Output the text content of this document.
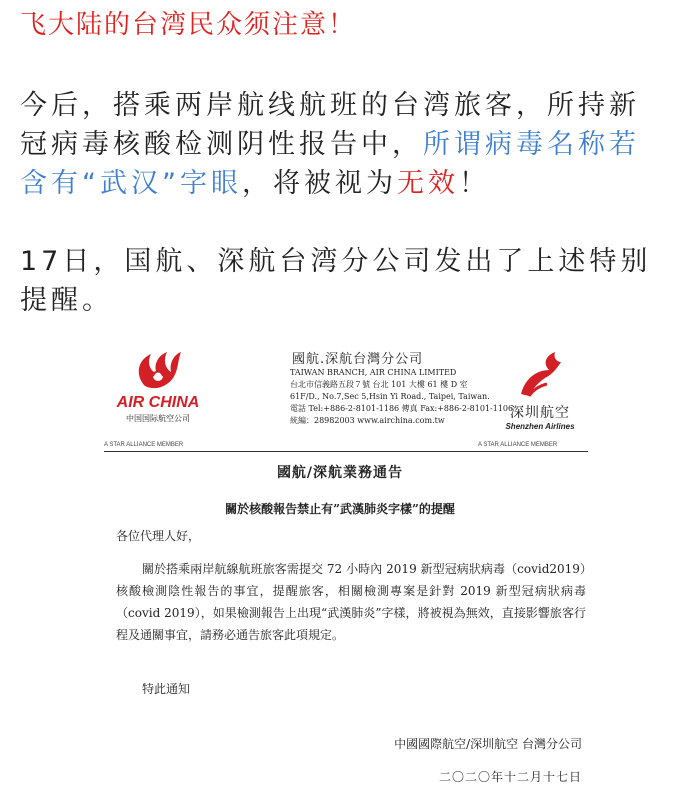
飞大陆的台湾民众须注意！

今后，搭乘两岸航线航班的台湾旅客，所持新冠病毒核酸检测阴性报告中，所谓病毒名称若含有“武汉”字眼，将被视为无效！

17日，国航、深航台湾分公司发出了上述特别提醒。

AIR CHINA
中国国际航空公司
A STAR ALLIANCE MEMBER
國航.深航台灣分公司
TAIWAN BRANCH, AIR CHINA LIMITED
台北市信義路五段７號 台北 101 大樓 61 樓 D 室
61F/D., No.7,Sec 5,Hsin Yi Road., Taipei, Taiwan.
電話 Tel:+886-2-8101-1186 傳真 Fax:+886-2-8101-1106
統編：28982003 www.airchina.com.tw	深圳航空
Shenzhen Airlines
A STAR ALLIANCE MEMBER
國航/深航業務通告
關於核酸報告禁止有”武漢肺炎字樣”的提醒
各位代理人好，

關於搭乘兩岸航線航班旅客需提交 72 小時內 2019 新型冠病狀病毒（covid2019）核酸檢測陰性報告的事宜，提醒旅客，相關檢測專案是針對 2019 新型冠病狀病毒（covid 2019），如果檢測報告上出現“武漢肺炎”字樣，將被視為無效，直接影響旅客行程及通關事宜，請務必通告旅客此項規定。

特此通知
中國國際航空/深圳航空 台灣分公司
二〇二〇年十二月十七日
